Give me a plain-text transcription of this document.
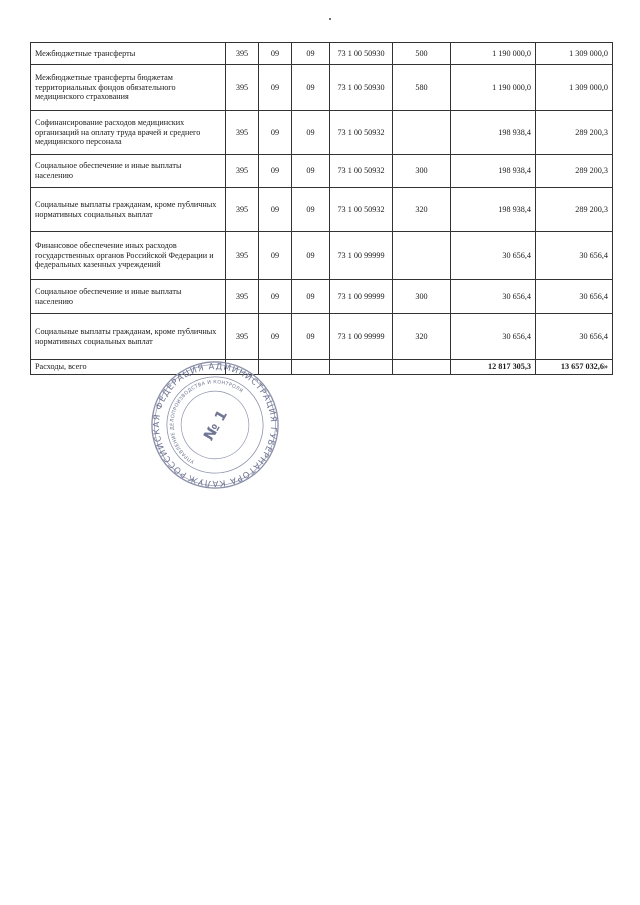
Межбюджетные трансферты	395	09	09	73 1 00 50930	500	1 190 000,0	1 309 000,0
Межбюджетные трансферты бюджетам территориальных фондов обязательного медицинского страхования	395	09	09	73 1 00 50930	580	1 190 000,0	1 309 000,0
Софинансирование расходов медицинских организаций на оплату труда врачей и среднего медицинского персонала	395	09	09	73 1 00 50932		198 938,4	289 200,3
Социальное обеспечение и иные выплаты населению	395	09	09	73 1 00 50932	300	198 938,4	289 200,3
Социальные выплаты гражданам, кроме публичных нормативных социальных выплат	395	09	09	73 1 00 50932	320	198 938,4	289 200,3
Финансовое обеспечение иных расходов государственных органов Российской Федерации и федеральных казенных учреждений	395	09	09	73 1 00 99999		30 656,4	30 656,4
Социальное обеспечение и иные выплаты населению	395	09	09	73 1 00 99999	300	30 656,4	30 656,4
Социальные выплаты гражданам, кроме публичных нормативных социальных выплат	395	09	09	73 1 00 99999	320	30 656,4	30 656,4
Расходы, всего						12 817 305,3	13 657 032,6»
РОССИЙСКАЯ ФЕДЕРАЦИЯ АДМИНИСТРАЦИЯ ГУБЕРНАТОРА КАЛУЖСКОЙ
УПРАВЛЕНИЕ ДЕЛОПРОИЗВОДСТВА И КОНТРОЛЯ
№ 1
